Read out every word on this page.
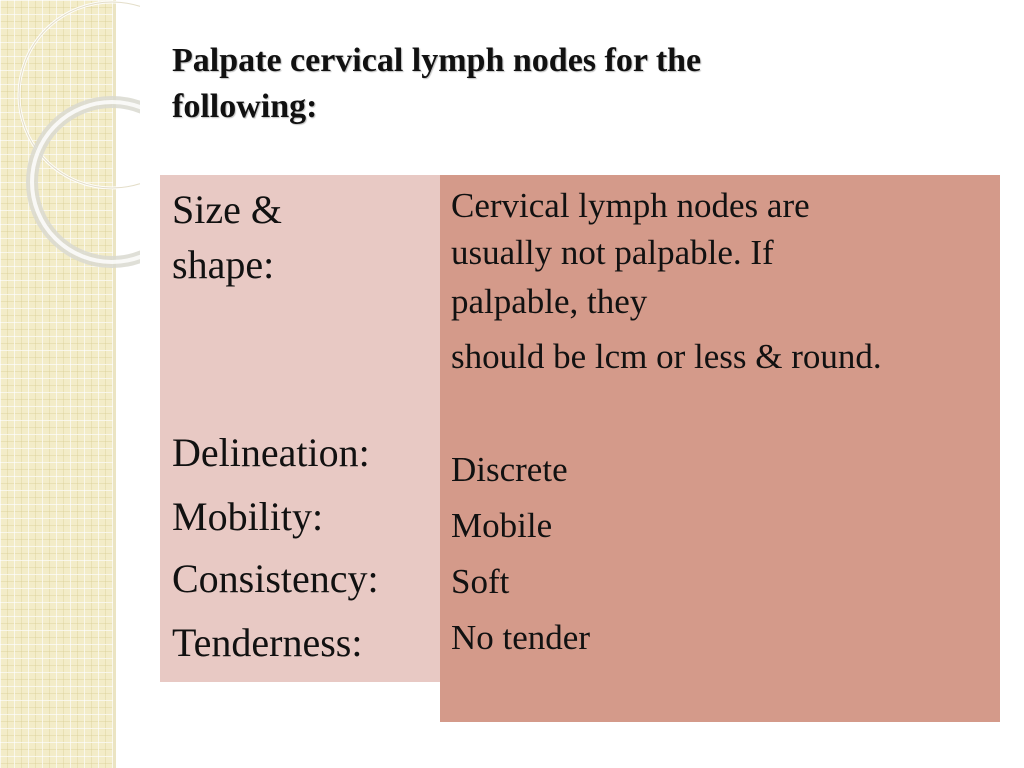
Palpate cervical lymph nodes for the
following:
Size &
shape:
Delineation:
Mobility:
Consistency:
Tenderness:
Cervical lymph nodes are
usually not palpable. If
palpable, they
should be lcm or less & round.
Discrete
Mobile
Soft
No tender
